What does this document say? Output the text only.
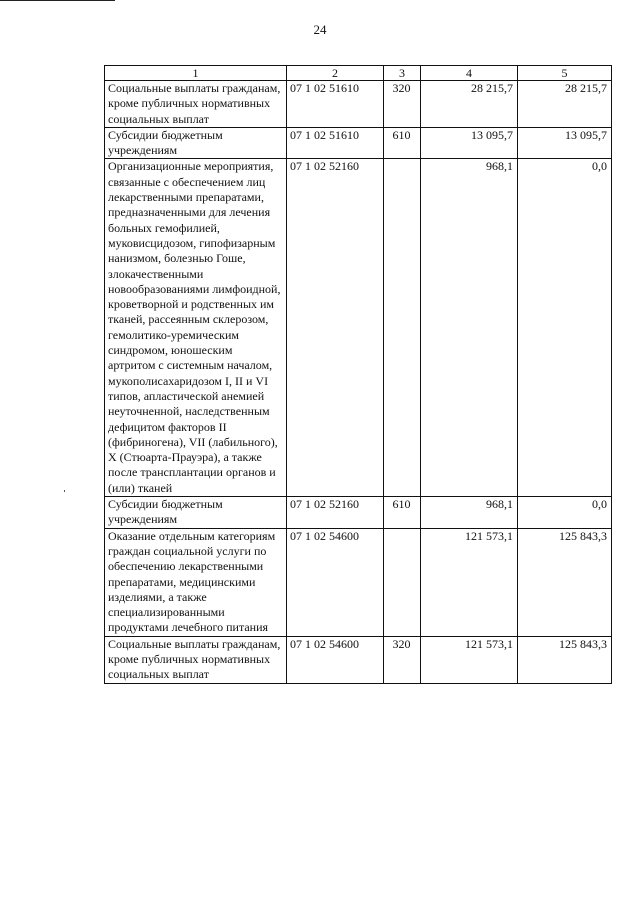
24
1	2	3	4	5
Социальные выплаты гражданам, кроме публичных нормативных социальных выплат	07 1 02 51610	320	28 215,7	28 215,7
Субсидии бюджетным учреждениям	07 1 02 51610	610	13 095,7	13 095,7
Организационные мероприятия, связанные с обеспечением лиц лекарственными препаратами, предназначенными для лечения больных гемофилией, муковисцидозом, гипофизарным нанизмом, болезнью Гоше, злокачественными новообразованиями лимфоидной, кроветворной и родственных им тканей, рассеянным склерозом, гемолитико-уремическим синдромом, юношеским артритом с системным началом, мукополисахаридозом I, II и VI типов, апластической анемией неуточненной, наследственным дефицитом факторов II (фибриногена), VII (лабильного), X (Стюарта-Прауэра), а также после трансплантации органов и (или) тканей	07 1 02 52160		968,1	0,0
Субсидии бюджетным учреждениям	07 1 02 52160	610	968,1	0,0
Оказание отдельным категориям граждан социальной услуги по обеспечению лекарственными препаратами, медицинскими изделиями, а также специализированными продуктами лечебного питания	07 1 02 54600		121 573,1	125 843,3
Социальные выплаты гражданам, кроме публичных нормативных социальных выплат	07 1 02 54600	320	121 573,1	125 843,3
